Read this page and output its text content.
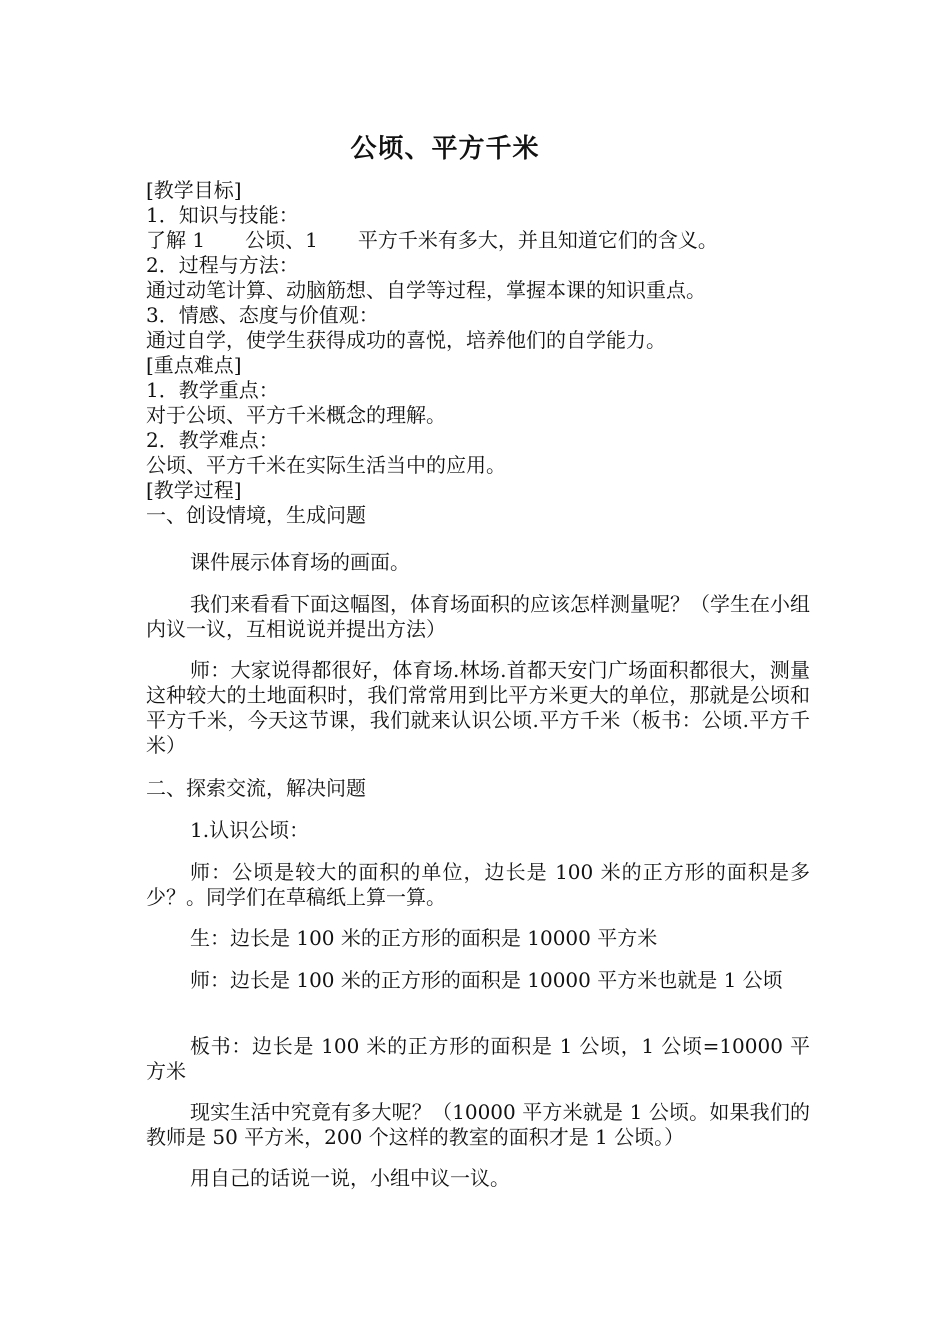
公顷、平方千米
[教学目标]
1．知识与技能：
了解 1 公顷、1 平方千米有多大，并且知道它们的含义。
2．过程与方法：
通过动笔计算、动脑筋想、自学等过程，掌握本课的知识重点。
3．情感、态度与价值观：
通过自学，使学生获得成功的喜悦，培养他们的自学能力。
[重点难点]
1．教学重点：
对于公顷、平方千米概念的理解。
2．教学难点：
公顷、平方千米在实际生活当中的应用。
[教学过程]
一、创设情境，生成问题
课件展示体育场的画面。
我们来看看下面这幅图，体育场面积的应该怎样测量呢？（学生在小组内议一议，互相说说并提出方法）
师：大家说得都很好，体育场.林场.首都天安门广场面积都很大，测量这种较大的土地面积时，我们常常用到比平方米更大的单位，那就是公顷和平方千米，今天这节课，我们就来认识公顷.平方千米（板书：公顷.平方千米）
二、探索交流，解决问题
1.认识公顷：
师：公顷是较大的面积的单位，边长是 100 米的正方形的面积是多少？。同学们在草稿纸上算一算。
生：边长是 100 米的正方形的面积是 10000 平方米
师：边长是 100 米的正方形的面积是 10000 平方米也就是 1 公顷
板书：边长是 100 米的正方形的面积是 1 公顷，1 公顷=10000 平方米
现实生活中究竟有多大呢？（10000 平方米就是 1 公顷。如果我们的教师是 50 平方米，200 个这样的教室的面积才是 1 公顷。）
用自己的话说一说，小组中议一议。
